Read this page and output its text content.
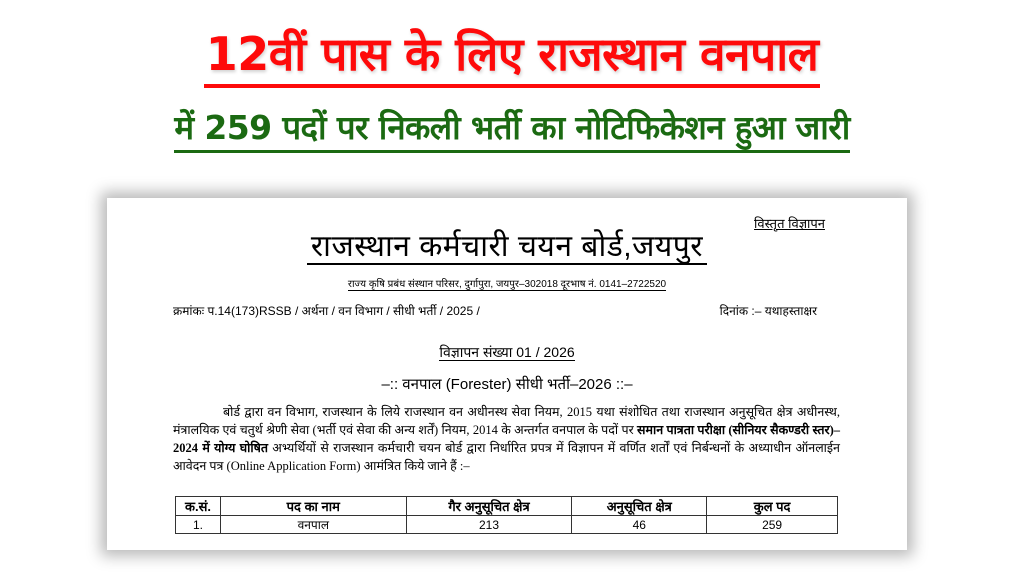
12वीं पास के लिए राजस्थान वनपाल
में 259 पदों पर निकली भर्ती का नोटिफिकेशन हुआ जारी
विस्तृत विज्ञापन
राजस्थान कर्मचारी चयन बोर्ड,जयपुर
राज्य कृषि प्रबंध संस्थान परिसर, दुर्गापुरा, जयपुर–302018 दूरभाष नं. 0141–2722520
क्रमांकः प.14(173)RSSB / अर्थना / वन विभाग / सीधी भर्ती / 2025 /	दिनांक :– यथाहस्ताक्षर
विज्ञापन संख्या 01 / 2026
–:: वनपाल (Forester) सीधी भर्ती–2026 ::–
बोर्ड द्वारा वन विभाग, राजस्थान के लिये राजस्थान वन अधीनस्थ सेवा नियम, 2015 यथा संशोधित तथा राजस्थान अनुसूचित क्षेत्र अधीनस्थ, मंत्रालयिक एवं चतुर्थ श्रेणी सेवा (भर्ती एवं सेवा की अन्य शर्तें) नियम, 2014 के अन्तर्गत वनपाल के पदों पर समान पात्रता परीक्षा (सीनियर सैकण्डरी स्तर)–2024 में योग्य घोषित अभ्यर्थियों से राजस्थान कर्मचारी चयन बोर्ड द्वारा निर्धारित प्रपत्र में विज्ञापन में वर्णित शर्तों एवं निर्बन्धनों के अध्याधीन ऑनलाईन आवेदन पत्र (Online Application Form) आमंत्रित किये जाने हैं :–
क.सं.	पद का नाम	गैर अनुसूचित क्षेत्र	अनुसूचित क्षेत्र	कुल पद
1.	वनपाल	213	46	259
